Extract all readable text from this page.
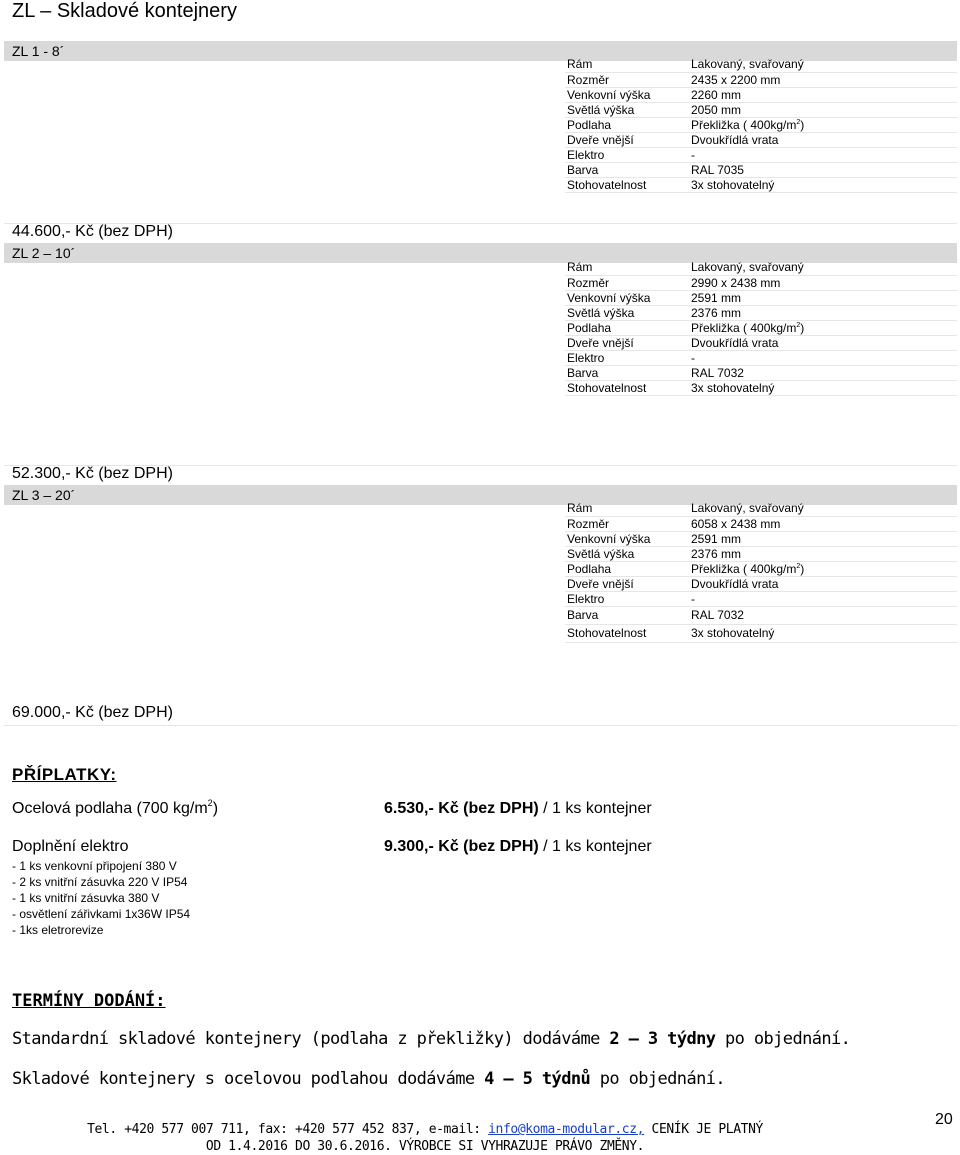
ZL – Skladové kontejnery
ZL 1 - 8´
Rám	Lakovaný, svařovaný
Rozměr	2435 x 2200 mm
Venkovní výška	2260 mm
Světlá výška	2050 mm
Podlaha	Překližka ( $400kg/m^2$)
Dveře vnější	Dvoukřídlá vrata
Elektro	-
Barva	RAL 7035
Stohovatelnost	3x stohovatelný
44.600,- Kč (bez DPH)
ZL 2 – 10´
Rám	Lakovaný, svařovaný
Rozměr	2990 x 2438 mm
Venkovní výška	2591 mm
Světlá výška	2376 mm
Podlaha	Překližka ( $400kg/m^2$)
Dveře vnější	Dvoukřídlá vrata
Elektro	-
Barva	RAL 7032
Stohovatelnost	3x stohovatelný
52.300,- Kč (bez DPH)
ZL 3 – 20´
Rám	Lakovaný, svařovaný
Rozměr	6058 x 2438 mm
Venkovní výška	2591 mm
Světlá výška	2376 mm
Podlaha	Překližka ( $400kg/m^2$)
Dveře vnější	Dvoukřídlá vrata
Elektro	-
Barva	RAL 7032
Stohovatelnost	3x stohovatelný
69.000,- Kč (bez DPH)
PŘÍPLATKY:
Ocelová podlaha (700 $kg/m^2$)	6.530,- Kč (bez DPH) / 1 ks kontejner
Doplnění elektro	9.300,- Kč (bez DPH) / 1 ks kontejner
- 1 ks venkovní připojení 380 V
- 2 ks vnitřní zásuvka 220 V IP54
- 1 ks vnitřní zásuvka 380 V
- osvětlení zářivkami 1x36W IP54
- 1ks eletrorevize
TERMÍNY DODÁNÍ:
Standardní skladové kontejnery (podlaha z překližky) dodáváme 2 – 3 týdny po objednání.
Skladové kontejnery s ocelovou podlahou dodáváme 4 – 5 týdnů po objednání.
Tel. +420 577 007 711, fax: +420 577 452 837, e-mail: info@koma-modular.cz, CENÍK JE PLATNÝ
OD 1.4.2016 DO 30.6.2016. VÝROBCE SI VYHRAZUJE PRÁVO ZMĚNY.
20
